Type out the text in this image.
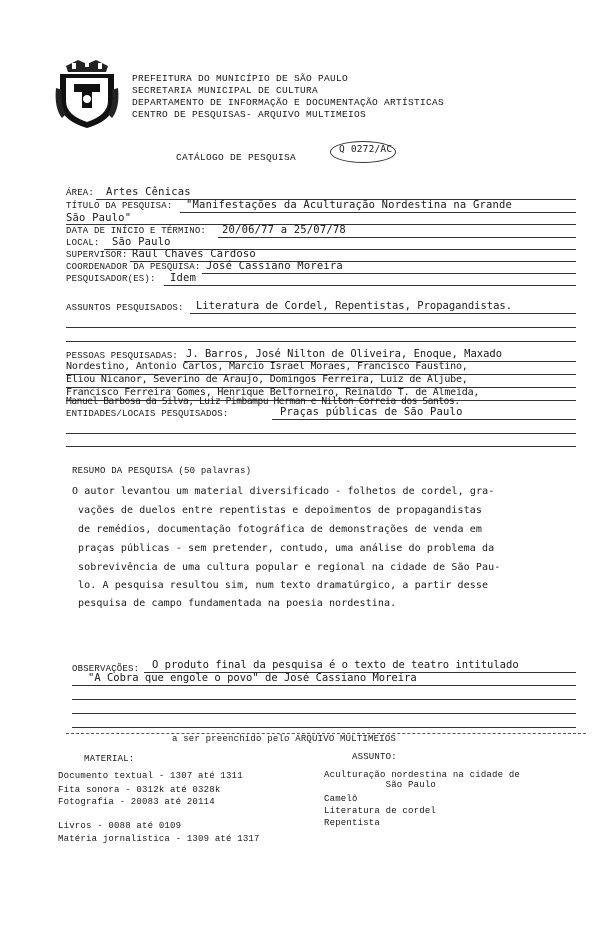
PREFEITURA DO MUNICÍPIO DE SÃO PAULO
SECRETARIA MUNICIPAL DE CULTURA
DEPARTAMENTO DE INFORMAÇÃO E DOCUMENTAÇÃO ARTÍSTICAS
CENTRO DE PESQUISAS- ARQUIVO MULTIMEIOS
CATÁLOGO DE PESQUISA
Q 0272/AC
ÁREA: Artes Cênicas
TÍTULO DA PESQUISA: "Manifestações da Aculturação Nordestina na Grande
São Paulo"
DATA DE INÍCIO E TÉRMINO: 20/06/77 a 25/07/78
LOCAL: São Paulo
SUPERVISOR: Raul Chaves Cardoso
COORDENADOR DA PESQUISA: José Cassiano Moreira
PESQUISADOR(ES): Idem
ASSUNTOS PESQUISADOS: Literatura de Cordel, Repentistas, Propagandistas.
PESSOAS PESQUISADAS: J. Barros, José Nilton de Oliveira, Enoque, Maxado
Nordestino, Antonio Carlos, Marcio Israel Moraes, Francisco Faustino,
Eliou Nicanor, Severino de Araujo, Domingos Ferreira, Luiz de Aljube,
Francisco Ferreira Gomes, Henrique Belforneiro, Reinaldo T. de Almeida,
Manuel Barbosa da Silva, Luiz Pimbampu Herman e Nilton Correia dos Santos.
ENTIDADES/LOCAIS PESQUISADOS:	Praças públicas de São Paulo
RESUMO DA PESQUISA (50 palavras)
O autor levantou um material diversificado - folhetos de cordel, gra-
vações de duelos entre repentistas e depoimentos de propagandistas
de remédios, documentação fotográfica de demonstrações de venda em
praças públicas - sem pretender, contudo, uma análise do problema da
sobrevivência de uma cultura popular e regional na cidade de São Pau-
lo. A pesquisa resultou sim, num texto dramatúrgico, a partir desse
pesquisa de campo fundamentada na poesia nordestina.
OBSERVAÇÕES: O produto final da pesquisa é o texto de teatro intitulado
"A Cobra que engole o povo" de José Cassiano Moreira
a ser preenchido pelo ARQUIVO MULTIMEIOS
MATERIAL:
Documento textual - 1307 até 1311
Fita sonora - 0312k até 0328k
Fotografia - 20083 até 20114
Livros - 0088 até 0109
Matéria jornalística - 1309 até 1317
ASSUNTO:
Aculturação nordestina na cidade de
São Paulo
Camelô
Literatura de cordel
Repentista
